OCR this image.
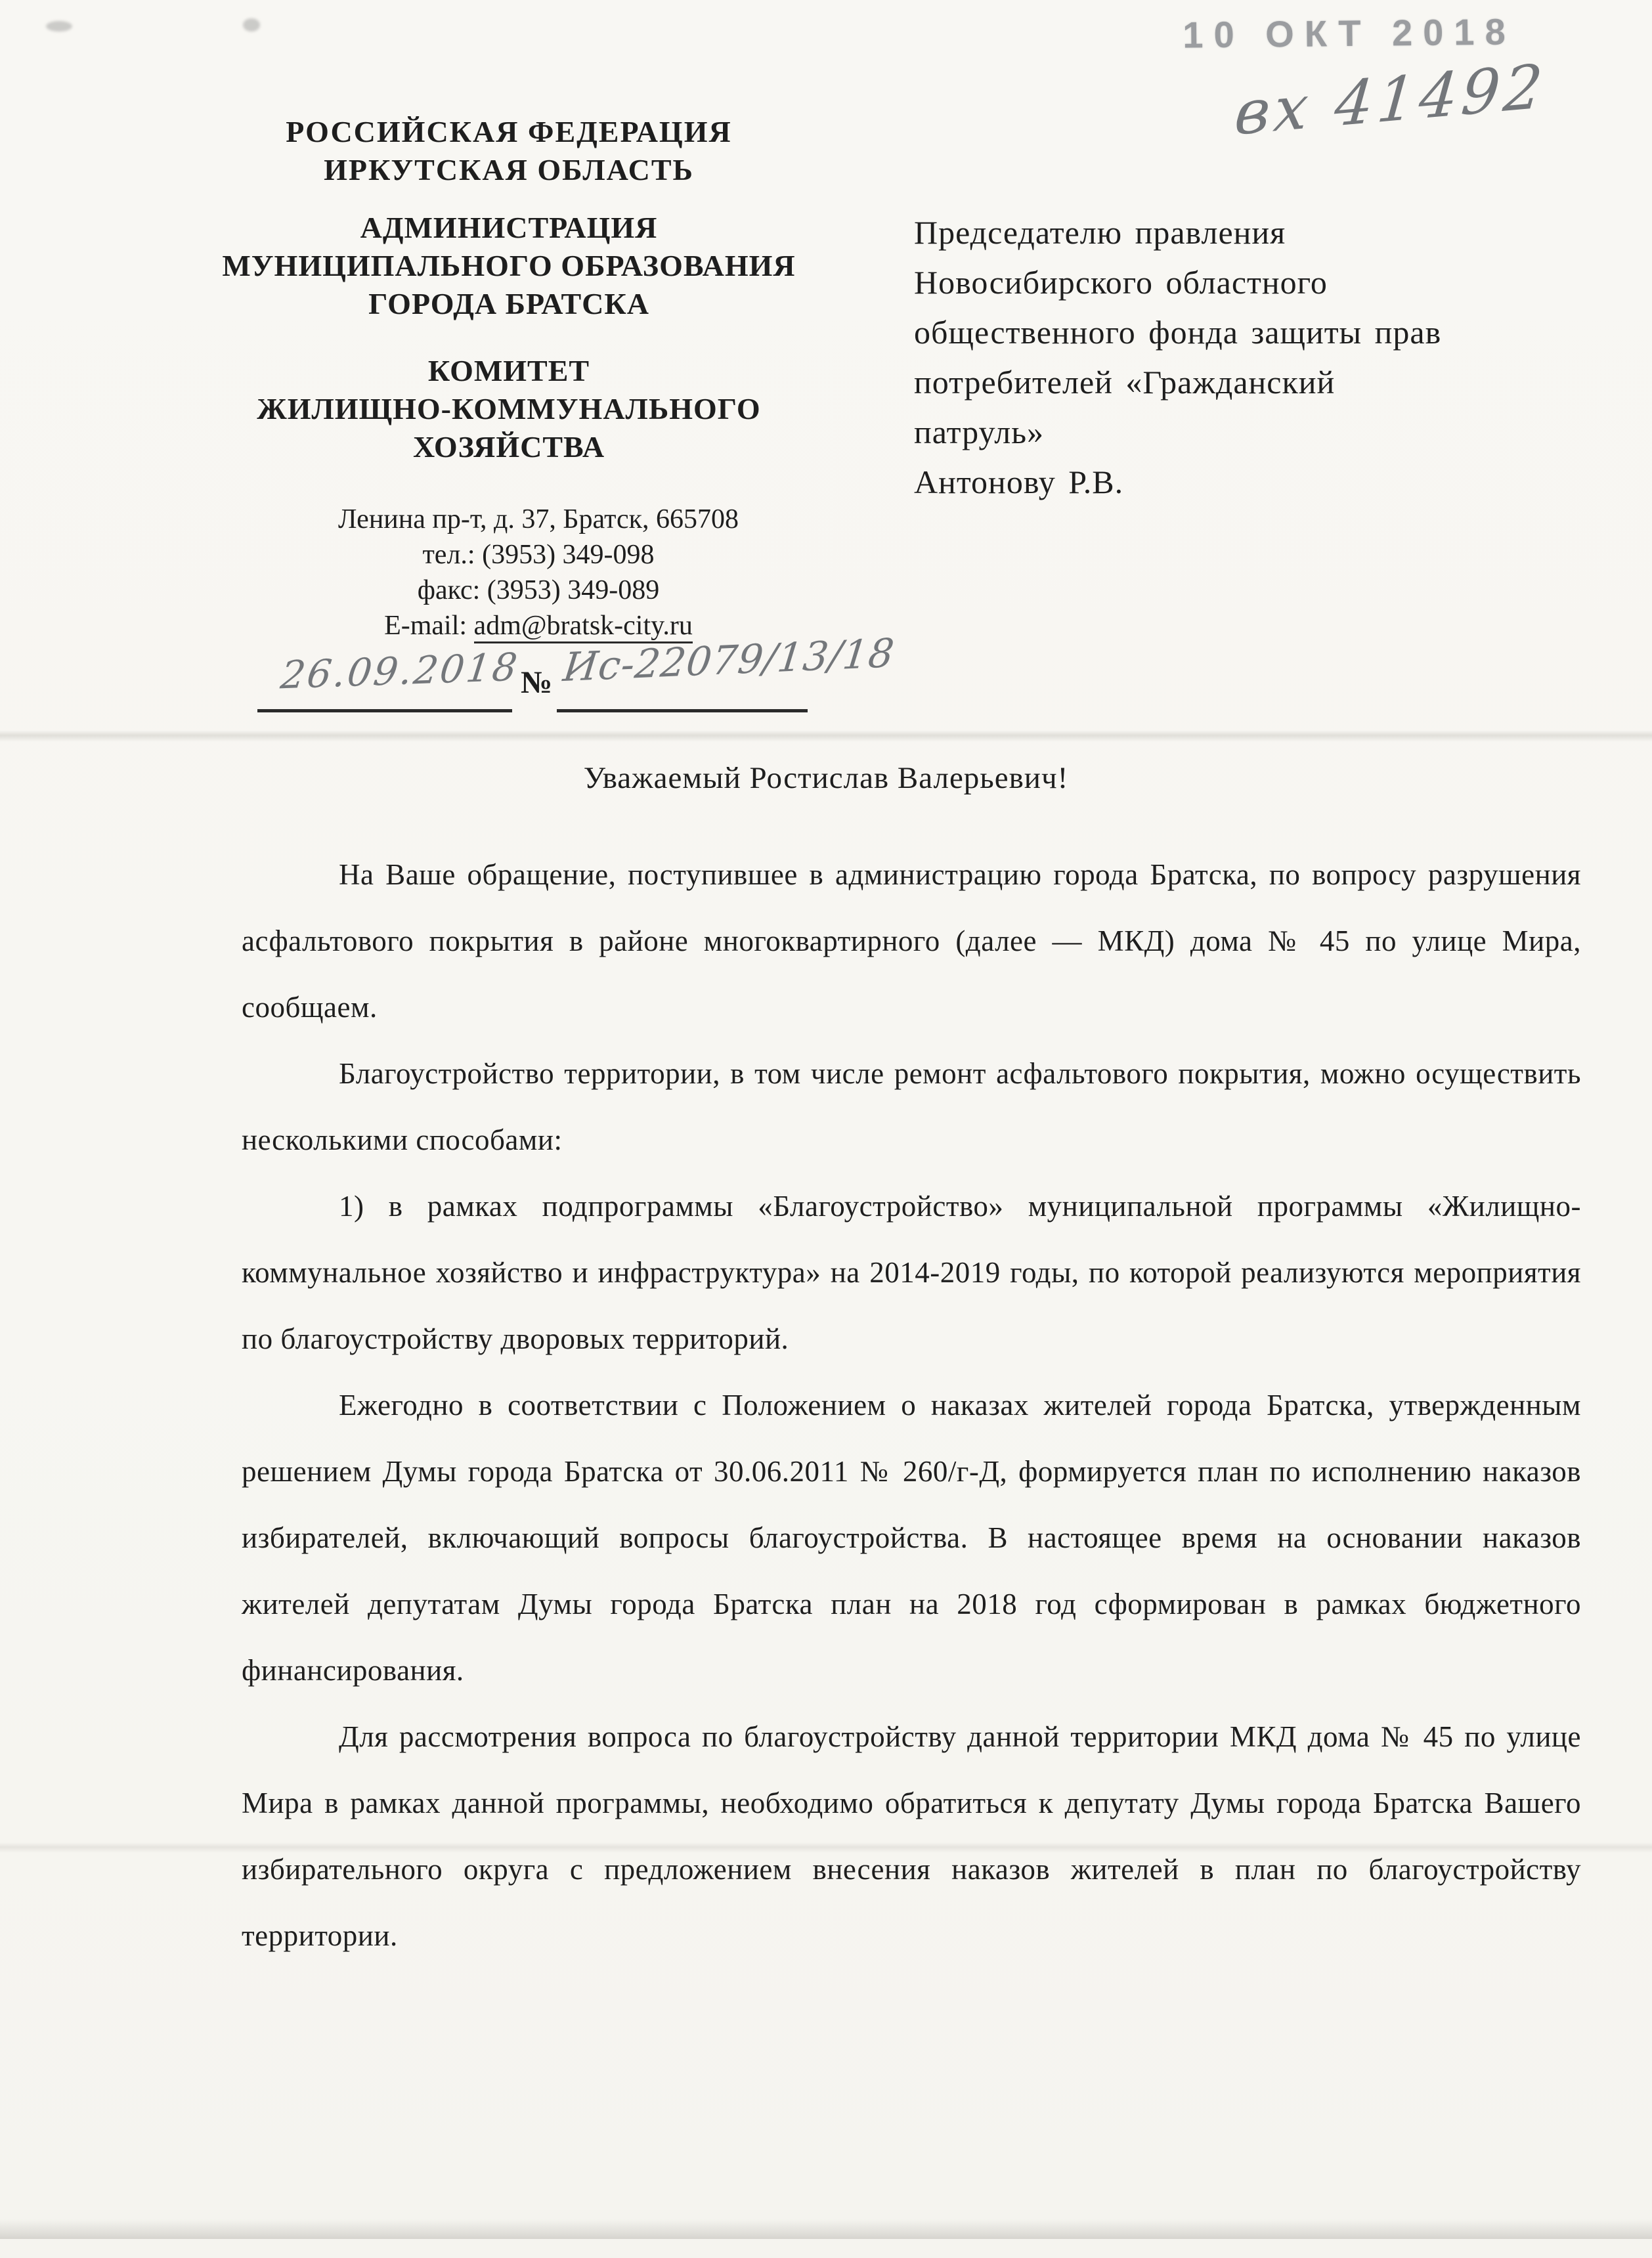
10 ОКТ 2018
вх 41492
РОССИЙСКАЯ ФЕДЕРАЦИЯ
ИРКУТСКАЯ ОБЛАСТЬ
АДМИНИСТРАЦИЯ
МУНИЦИПАЛЬНОГО ОБРАЗОВАНИЯ
ГОРОДА БРАТСКА
КОМИТЕТ
ЖИЛИЩНО-КОММУНАЛЬНОГО
ХОЗЯЙСТВА
Ленина пр-т, д. 37, Братск, 665708
тел.: (3953) 349-098
факс: (3953) 349-089
E-mail: adm@bratsk-city.ru
26.09.2018
№ Ис-22079/13/18
Председателю правления
Новосибирского областного
общественного фонда защиты прав
потребителей «Гражданский
патруль»
Антонову Р.В.
Уважаемый Ростислав Валерьевич!

На Ваше обращение, поступившее в администрацию города Братска, по вопросу разрушения асфальтового покрытия в районе многоквартирного (далее — МКД) дома № 45 по улице Мира, сообщаем.

Благоустройство территории, в том числе ремонт асфальтового покрытия, можно осуществить несколькими способами:

1) в рамках подпрограммы «Благоустройство» муниципальной программы «Жилищно-коммунальное хозяйство и инфраструктура» на 2014-2019 годы, по которой реализуются мероприятия по благоустройству дворовых территорий.

Ежегодно в соответствии с Положением о наказах жителей города Братска, утвержденным решением Думы города Братска от 30.06.2011 № 260/г-Д, формируется план по исполнению наказов избирателей, включающий вопросы благоустройства. В настоящее время на основании наказов жителей депутатам Думы города Братска план на 2018 год сформирован в рамках бюджетного финансирования.

Для рассмотрения вопроса по благоустройству данной территории МКД дома № 45 по улице Мира в рамках данной программы, необходимо обратиться к депутату Думы города Братска Вашего избирательного округа с предложением внесения наказов жителей в план по благоустройству территории.
